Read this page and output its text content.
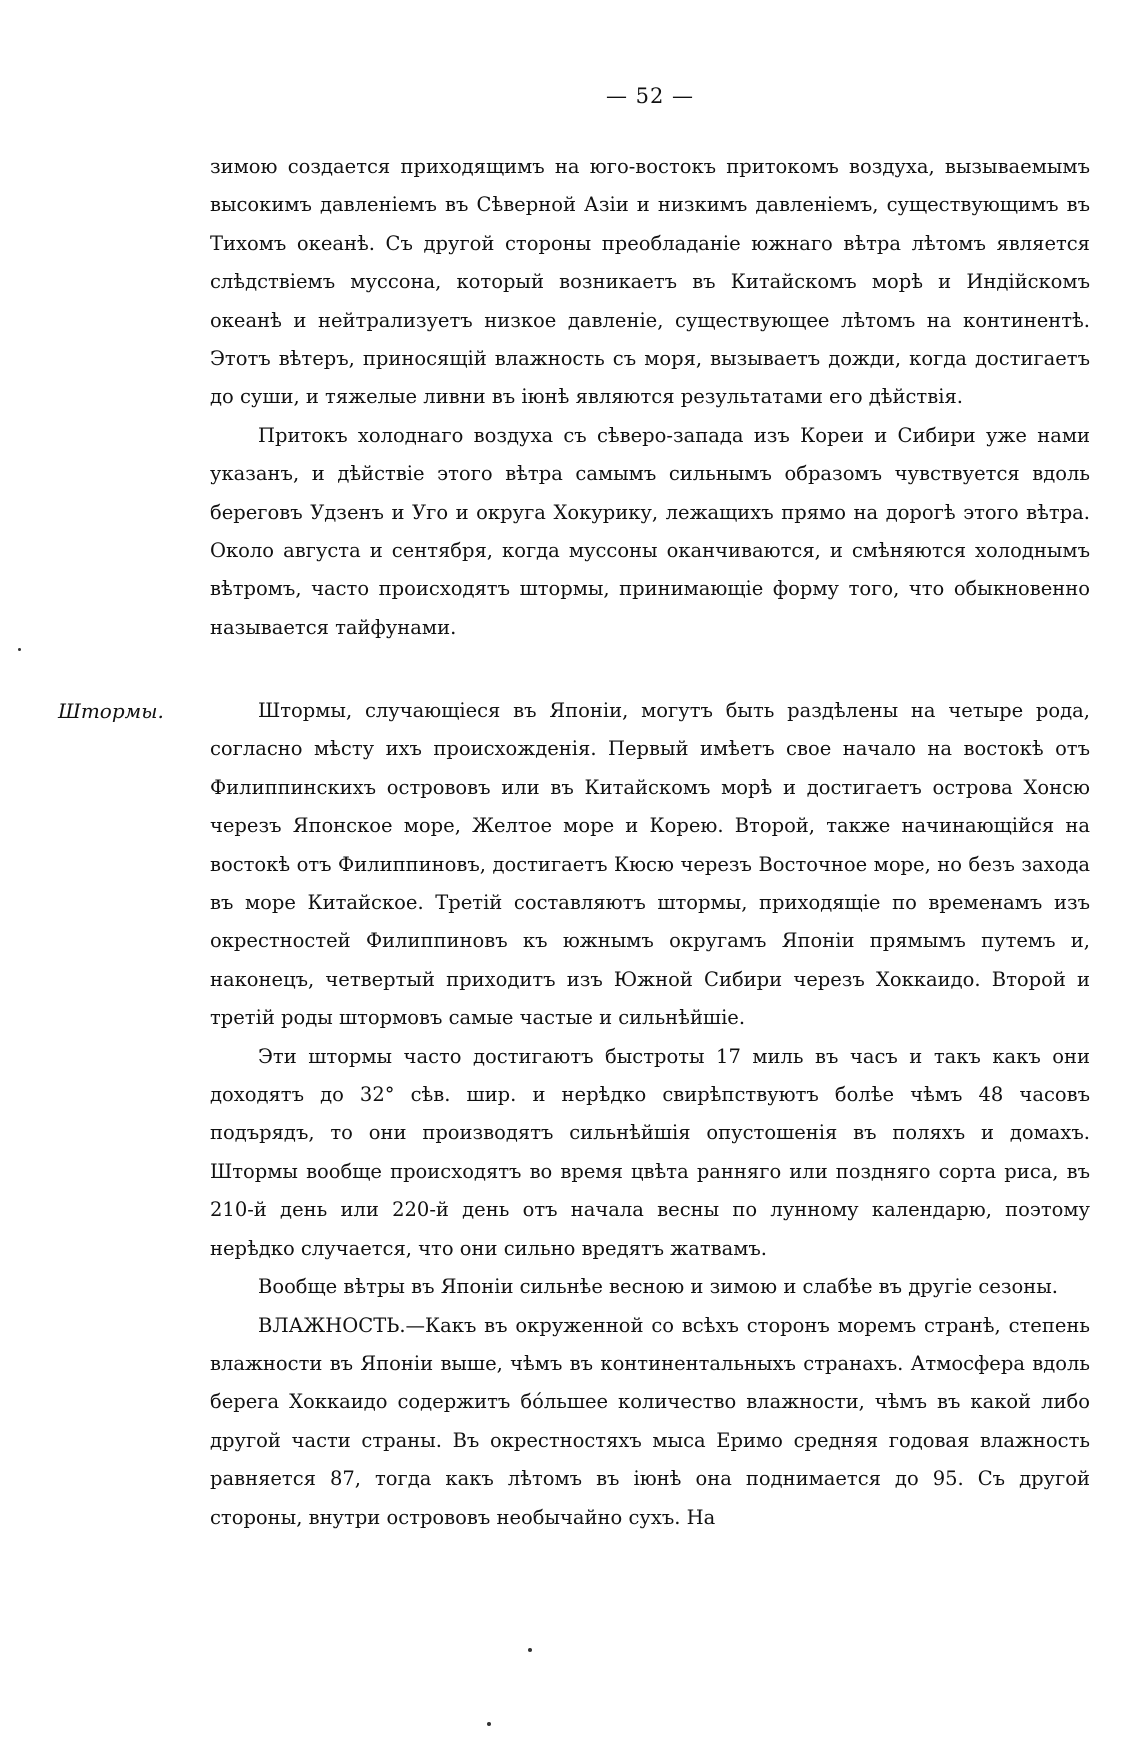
— 52 —

зимою создается приходящимъ на юго-востокъ притокомъ воздуха, вызываемымъ высокимъ давленіемъ въ Сѣверной Азіи и низкимъ давленіемъ, существующимъ въ Тихомъ океанѣ. Съ другой стороны преобладаніе южнаго вѣтра лѣтомъ является слѣдствіемъ муссона, который возникаетъ въ Китайскомъ морѣ и Индійскомъ океанѣ и нейтрализуетъ низкое давленіе, существующее лѣтомъ на континентѣ. Этотъ вѣтеръ, приносящій влажность съ моря, вызываетъ дожди, когда достигаетъ до суши, и тяжелые ливни въ іюнѣ являются результатами его дѣйствія.

Притокъ холоднаго воздуха съ сѣверо-запада изъ Кореи и Сибири уже нами указанъ, и дѣйствіе этого вѣтра самымъ сильнымъ образомъ чувствуется вдоль береговъ Удзенъ и Уго и округа Хокурику, лежащихъ прямо на дорогѣ этого вѣтра. Около августа и сентября, когда муссоны оканчиваются, и смѣняются холоднымъ вѣтромъ, часто происходятъ штормы, принимающіе форму того, что обыкновенно называется тайфунами.

Штормы.	Штормы, случающіеся въ Японіи, могутъ быть раздѣлены на четыре рода, согласно мѣсту ихъ происхожденія. Первый имѣетъ свое начало на востокѣ отъ Филиппинскихъ острововъ или въ Китайскомъ морѣ и достигаетъ острова Хонсю черезъ Японское море, Желтое море и Корею. Второй, также начинающійся на востокѣ отъ Филиппиновъ, достигаетъ Кюсю черезъ Восточное море, но безъ захода въ море Китайское. Третій составляютъ штормы, приходящіе по временамъ изъ окрестностей Филиппиновъ къ южнымъ округамъ Японіи прямымъ путемъ и, наконецъ, четвертый приходитъ изъ Южной Сибири черезъ Хоккаидо. Второй и третій роды штормовъ самые частые и сильнѣйшіе.

Эти штормы часто достигаютъ быстроты 17 миль въ часъ и такъ какъ они доходятъ до 32° сѣв. шир. и нерѣдко свирѣпствуютъ болѣе чѣмъ 48 часовъ подърядъ, то они производятъ сильнѣйшія опустошенія въ поляхъ и домахъ. Штормы вообще происходятъ во время цвѣта ранняго или поздняго сорта риса, въ 210-й день или 220-й день отъ начала весны по лунному календарю, поэтому нерѣдко случается, что они сильно вредятъ жатвамъ.

Вообще вѣтры въ Японіи сильнѣе весною и зимою и слабѣе въ другіе сезоны.

ВЛАЖНОСТЬ.—Какъ въ окруженной со всѣхъ сторонъ моремъ странѣ, степень влажности въ Японіи выше, чѣмъ въ континентальныхъ странахъ. Атмосфера вдоль берега Хоккаидо содержитъ бóльшее количество влажности, чѣмъ въ какой либо другой части страны. Въ окрестностяхъ мыса Еримо средняя годовая влажность равняется 87, тогда какъ лѣтомъ въ іюнѣ она поднимается до 95. Съ другой стороны, внутри острововъ необычайно сухъ. На
